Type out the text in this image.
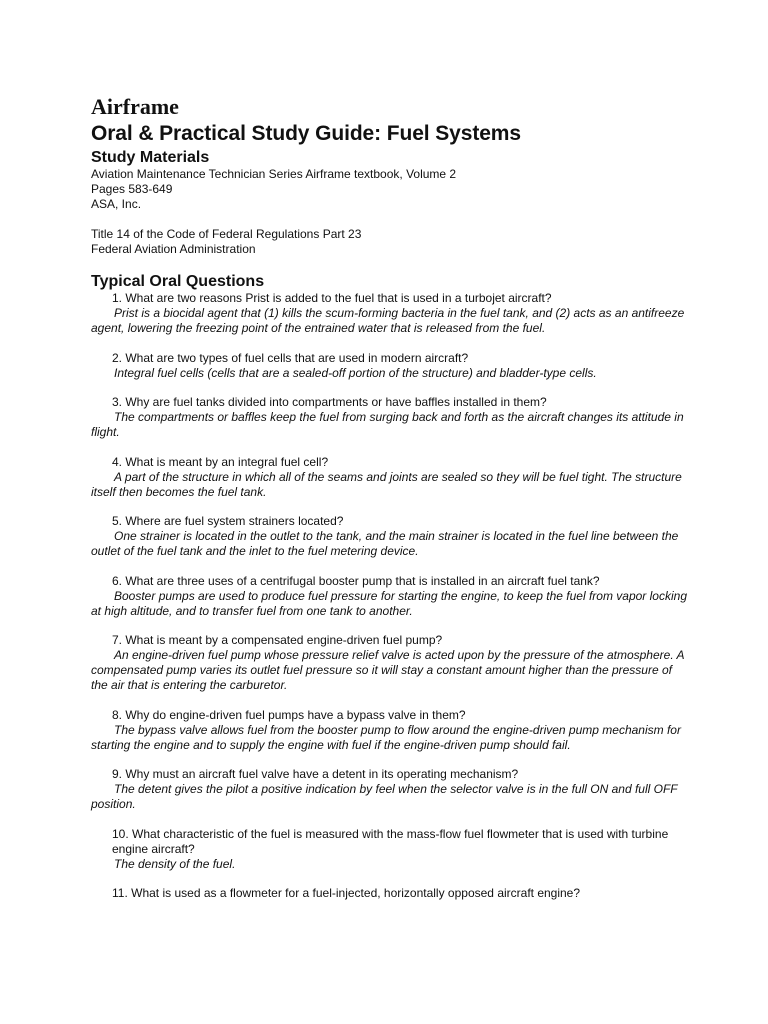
Airframe
Oral & Practical Study Guide: Fuel Systems
Study Materials
Aviation Maintenance Technician Series Airframe textbook, Volume 2
Pages 583-649
ASA, Inc.
Title 14 of the Code of Federal Regulations Part 23
Federal Aviation Administration
Typical Oral Questions
1. What are two reasons Prist is added to the fuel that is used in a turbojet aircraft?
Prist is a biocidal agent that (1) kills the scum-forming bacteria in the fuel tank, and (2) acts as an antifreeze agent, lowering the freezing point of the entrained water that is released from the fuel.
2. What are two types of fuel cells that are used in modern aircraft?
Integral fuel cells (cells that are a sealed-off portion of the structure) and bladder-type cells.
3. Why are fuel tanks divided into compartments or have baffles installed in them?
The compartments or baffles keep the fuel from surging back and forth as the aircraft changes its attitude in flight.
4. What is meant by an integral fuel cell?
A part of the structure in which all of the seams and joints are sealed so they will be fuel tight. The structure itself then becomes the fuel tank.
5. Where are fuel system strainers located?
One strainer is located in the outlet to the tank, and the main strainer is located in the fuel line between the outlet of the fuel tank and the inlet to the fuel metering device.
6. What are three uses of a centrifugal booster pump that is installed in an aircraft fuel tank?
Booster pumps are used to produce fuel pressure for starting the engine, to keep the fuel from vapor locking at high altitude, and to transfer fuel from one tank to another.
7. What is meant by a compensated engine-driven fuel pump?
An engine-driven fuel pump whose pressure relief valve is acted upon by the pressure of the atmosphere. A compensated pump varies its outlet fuel pressure so it will stay a constant amount higher than the pressure of the air that is entering the carburetor.
8. Why do engine-driven fuel pumps have a bypass valve in them?
The bypass valve allows fuel from the booster pump to flow around the engine-driven pump mechanism for starting the engine and to supply the engine with fuel if the engine-driven pump should fail.
9. Why must an aircraft fuel valve have a detent in its operating mechanism?
The detent gives the pilot a positive indication by feel when the selector valve is in the full ON and full OFF position.
10. What characteristic of the fuel is measured with the mass-flow fuel flowmeter that is used with turbine engine aircraft?
The density of the fuel.
11. What is used as a flowmeter for a fuel-injected, horizontally opposed aircraft engine?
